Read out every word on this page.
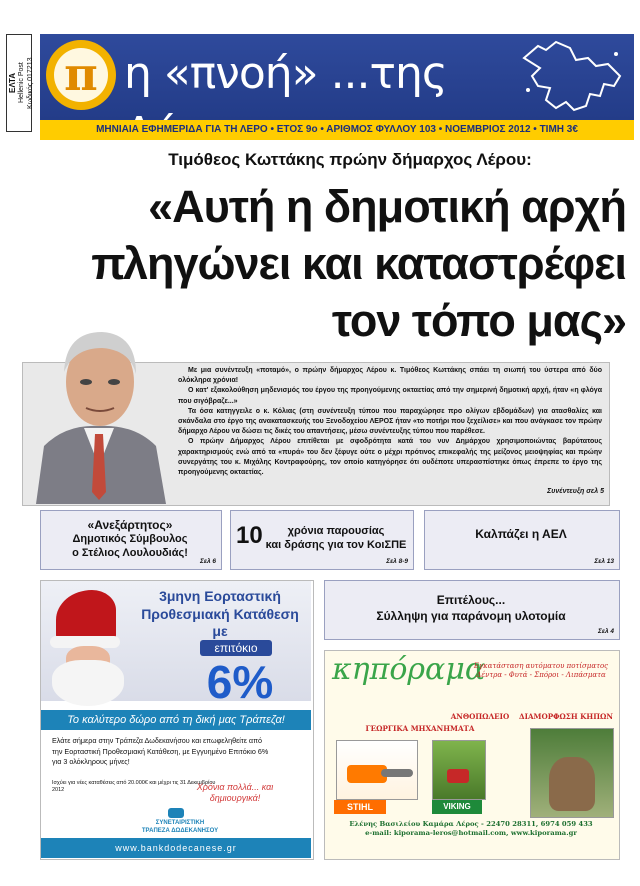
ΕΛΤΑ Hellenic Post Κωδικός 017213 π η «πνοή» ...της
ΜΗΝΙΑΙΑ ΕΦΗΜΕΡΙΔΑ ΓΙΑ ΤΗ ΛΕΡΟ • ΕΤΟΣ 9ο • ΑΡΙΘΜΟΣ ΦΥΛΛΟΥ 103 • ΝΟΕΜΒΡΙΟΣ 2012 • ΤΙΜΗ 3€
Τιμόθεος Κωττάκης πρώην δήμαρχος Λέρου:
«Αυτή η δημοτική αρχή
πληγώνει και καταστρέφει
τον τόπο μας»

Με μια συνέντευξη «ποταμό», ο πρώην δήμαρχος Λέρου κ. Τιμόθεος Κωττάκης σπάει τη σιωπή του ύστερα από δύο ολόκληρα χρόνια!

Ο κατ' εξακολούθηση μηδενισμός του έργου της προηγούμενης οκταετίας από την σημερινή δημοτική αρχή, ήταν «η φλόγα που σιγόβραζε...»

Τα όσα κατηγγειλε ο κ. Κόλιας (στη συνέντευξη τύπου που παραχώρησε προ ολίγων εβδομάδων) για ατασθαλίες και σκάνδαλα στο έργο της ανακατασκευής του Ξενοδοχείου ΛΕΡΟΣ ήταν «το ποτήρι που ξεχείλισε» και που ανάγκασε τον πρώην δήμαρχο Λέρου να δώσει τις δικές του απαντήσεις, μέσω συνέντευξης τύπου που παρέθεσε.

Ο πρώην Δήμαρχος Λέρου επιτίθεται με σφοδρότητα κατά του νυν Δημάρχου χρησιμοποιώντας βαρύτατους χαρακτηρισμούς ενώ από τα «πυρά» του δεν ξέφυγε ούτε ο μέχρι πρότινος επικεφαλής της μείζονος μειοψηφίας και πρώην συνεργάτης του κ. Μιχάλης Κοντραφούρης, τον οποίο κατηγόρησε ότι ουδέποτε υπερασπίστηκε όπως έπρεπε το έργο της προηγούμενης οκταετίας.

Συνέντευξη σελ 5
«Ανεξάρτητος»
Δημοτικός Σύμβουλος
ο Στέλιος Λουλουδιάς!
Σελ 6
10	χρόνια παρουσίας
και δράσης για τον ΚοιΣΠΕ
Σελ 8-9
Καλπάζει η ΑΕΛ
Σελ 13
Επιτέλους...
Σύλληψη για παράνομη υλοτομία
Σελ 4
3μηνη Εορταστική
Προθεσμιακή Κατάθεση
με
επιτόκιο
6%
Το καλύτερο δώρο από τη δική μας Τράπεζα!
Ελάτε σήμερα στην Τράπεζα Δωδεκανήσου και επωφεληθείτε από την Εορταστική Προθεσμιακή Κατάθεση, με Εγγυημένο Επιτόκιο 6% για 3 ολόκληρους μήνες!
Ισχύει για νέες καταθέσεις από 20.000€ και μέχρι τις 31 Δεκεμβρίου 2012	Χρόνια πολλά... και δημιουργικά!
ΣΥΝΕΤΑΙΡΙΣΤΙΚΗ
ΤΡΑΠΕΖΑ ΔΩΔΕΚΑΝΗΣΟΥ
www.bankdodecanese.gr
κηπόραμα
Εγκατάσταση αυτόματου ποτίσματος
Δέντρα - Φυτά - Σπόροι - Λιπάσματα
ΑΝΘΟΠΩΛΕΙΟ
ΓΕΩΡΓΙΚΑ ΜΗΧΑΝΗΜΑΤΑ
ΔΙΑΜΟΡΦΩΣΗ ΚΗΠΩΝ
STIHL	VIKING
Ελένης Βασιλείου Καμάρα Λέρος - 22470 28311, 6974 059 433
e-mail: kiporama-leros@hotmail.com, www.kiporama.gr
